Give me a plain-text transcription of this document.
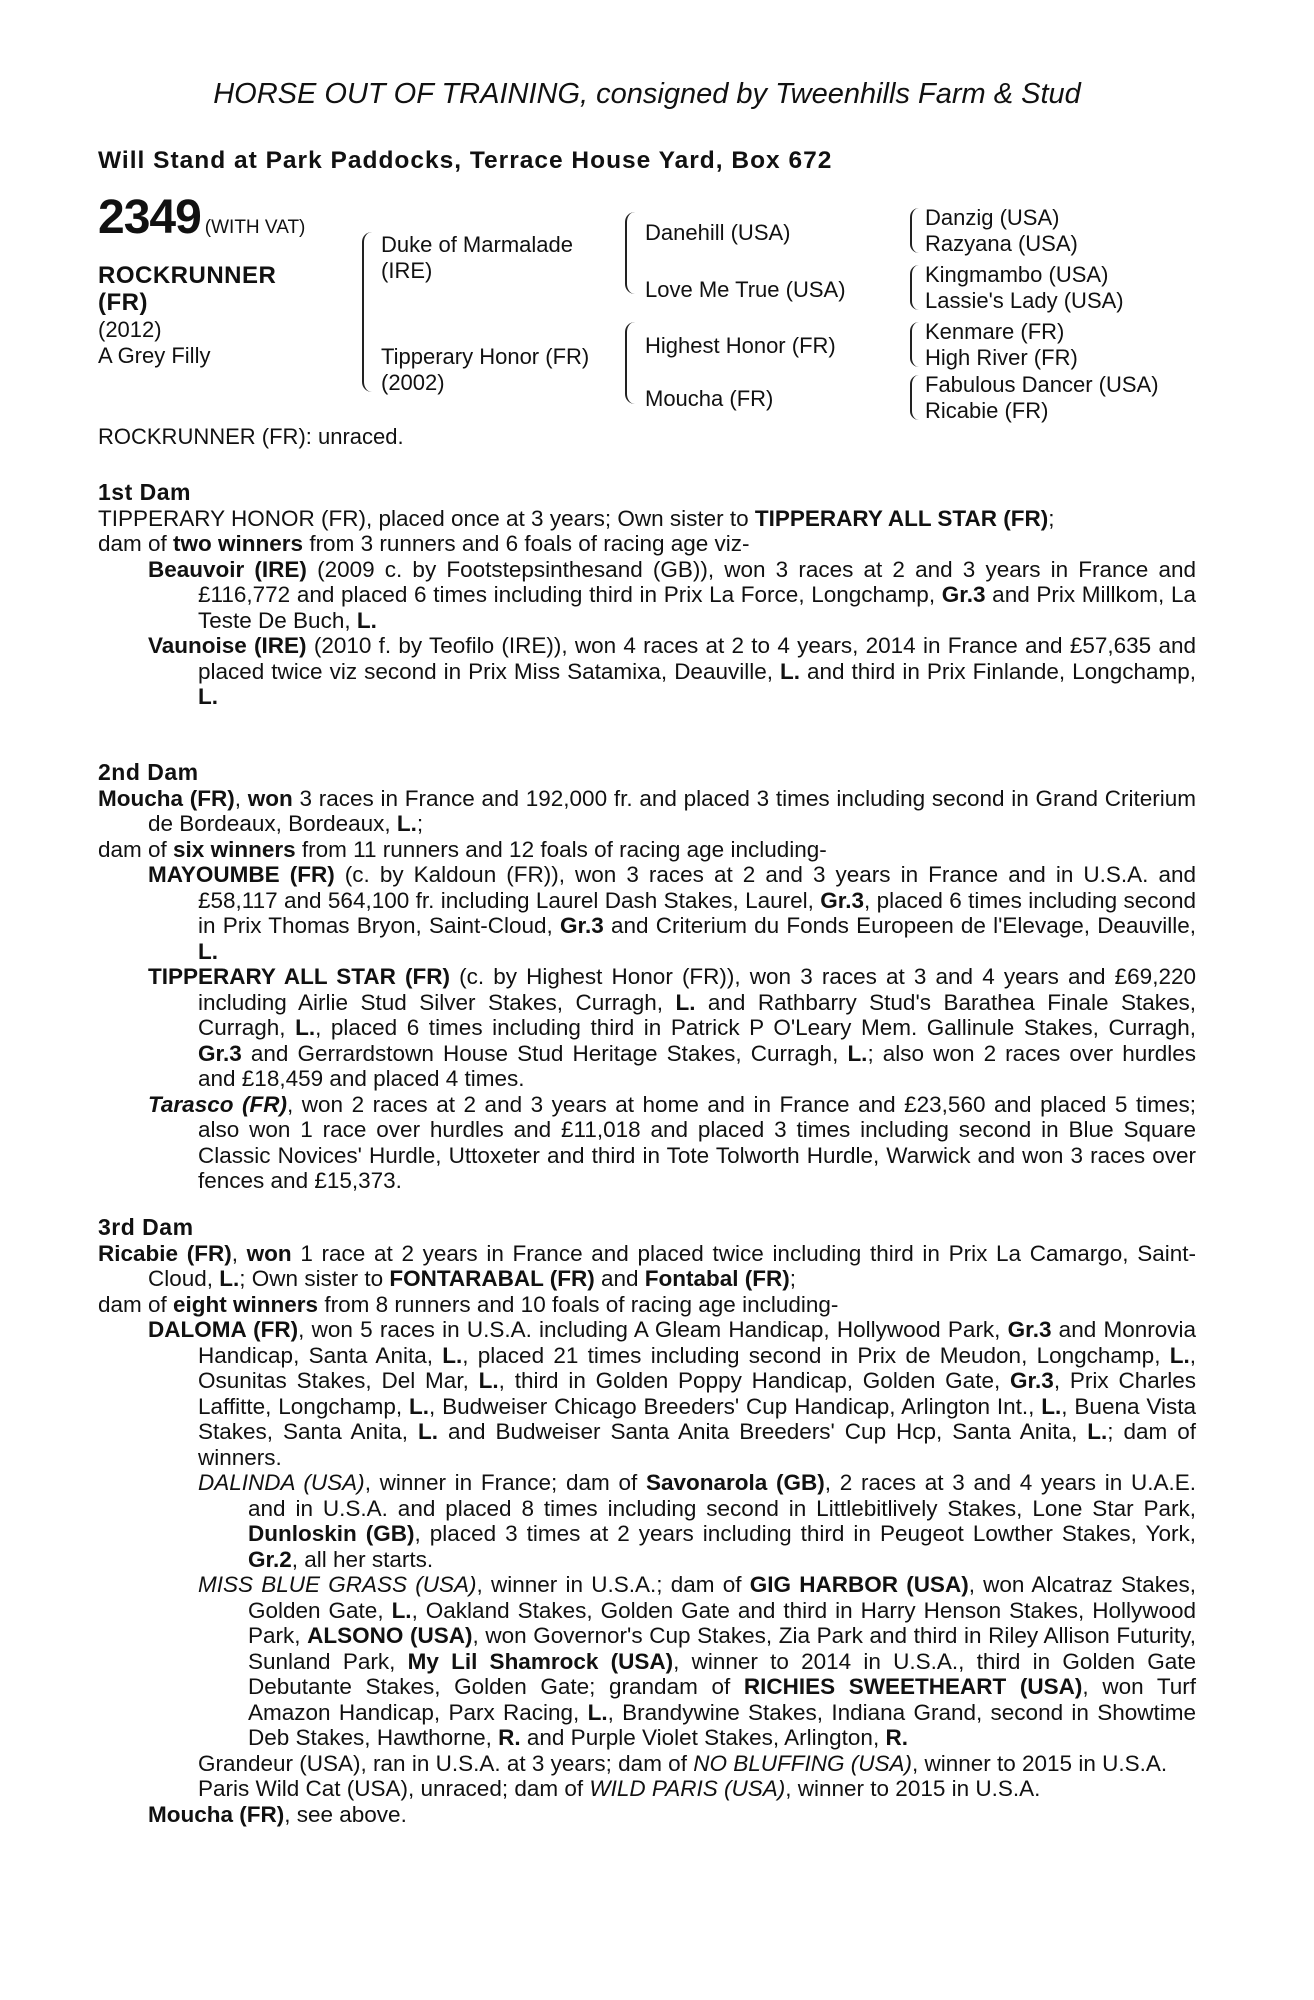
HORSE OUT OF TRAINING, consigned by Tweenhills Farm & Stud
Will Stand at Park Paddocks, Terrace House Yard, Box 672
2349 (WITH VAT)
ROCKRUNNER
(FR)
(2012)
A Grey Filly
Duke of Marmalade
(IRE)
Tipperary Honor (FR)
(2002)
Danehill (USA)
Love Me True (USA)
Highest Honor (FR)
Moucha (FR)
Danzig (USA)
Razyana (USA)
Kingmambo (USA)
Lassie's Lady (USA)
Kenmare (FR)
High River (FR)
Fabulous Dancer (USA)
Ricabie (FR)
ROCKRUNNER (FR): unraced.
1st Dam

TIPPERARY HONOR (FR), placed once at 3 years; Own sister to TIPPERARY ALL STAR (FR);

dam of two winners from 3 runners and 6 foals of racing age viz-

Beauvoir (IRE) (2009 c. by Footstepsinthesand (GB)), won 3 races at 2 and 3 years in France and £116,772 and placed 6 times including third in Prix La Force, Longchamp, Gr.3 and Prix Millkom, La Teste De Buch, L.

Vaunoise (IRE) (2010 f. by Teofilo (IRE)), won 4 races at 2 to 4 years, 2014 in France and £57,635 and placed twice viz second in Prix Miss Satamixa, Deauville, L. and third in Prix Finlande, Longchamp, L.

2nd Dam

Moucha (FR), won 3 races in France and 192,000 fr. and placed 3 times including second in Grand Criterium de Bordeaux, Bordeaux, L.;

dam of six winners from 11 runners and 12 foals of racing age including-

MAYOUMBE (FR) (c. by Kaldoun (FR)), won 3 races at 2 and 3 years in France and in U.S.A. and £58,117 and 564,100 fr. including Laurel Dash Stakes, Laurel, Gr.3, placed 6 times including second in Prix Thomas Bryon, Saint-Cloud, Gr.3 and Criterium du Fonds Europeen de l'Elevage, Deauville, L.

TIPPERARY ALL STAR (FR) (c. by Highest Honor (FR)), won 3 races at 3 and 4 years and £69,220 including Airlie Stud Silver Stakes, Curragh, L. and Rathbarry Stud's Barathea Finale Stakes, Curragh, L., placed 6 times including third in Patrick P O'Leary Mem. Gallinule Stakes, Curragh, Gr.3 and Gerrardstown House Stud Heritage Stakes, Curragh, L.; also won 2 races over hurdles and £18,459 and placed 4 times.

Tarasco (FR), won 2 races at 2 and 3 years at home and in France and £23,560 and placed 5 times; also won 1 race over hurdles and £11,018 and placed 3 times including second in Blue Square Classic Novices' Hurdle, Uttoxeter and third in Tote Tolworth Hurdle, Warwick and won 3 races over fences and £15,373.

3rd Dam

Ricabie (FR), won 1 race at 2 years in France and placed twice including third in Prix La Camargo, Saint-Cloud, L.; Own sister to FONTARABAL (FR) and Fontabal (FR);

dam of eight winners from 8 runners and 10 foals of racing age including-

DALOMA (FR), won 5 races in U.S.A. including A Gleam Handicap, Hollywood Park, Gr.3 and Monrovia Handicap, Santa Anita, L., placed 21 times including second in Prix de Meudon, Longchamp, L., Osunitas Stakes, Del Mar, L., third in Golden Poppy Handicap, Golden Gate, Gr.3, Prix Charles Laffitte, Longchamp, L., Budweiser Chicago Breeders' Cup Handicap, Arlington Int., L., Buena Vista Stakes, Santa Anita, L. and Budweiser Santa Anita Breeders' Cup Hcp, Santa Anita, L.; dam of winners.

DALINDA (USA), winner in France; dam of Savonarola (GB), 2 races at 3 and 4 years in U.A.E. and in U.S.A. and placed 8 times including second in Littlebitlively Stakes, Lone Star Park, Dunloskin (GB), placed 3 times at 2 years including third in Peugeot Lowther Stakes, York, Gr.2, all her starts.

MISS BLUE GRASS (USA), winner in U.S.A.; dam of GIG HARBOR (USA), won Alcatraz Stakes, Golden Gate, L., Oakland Stakes, Golden Gate and third in Harry Henson Stakes, Hollywood Park, ALSONO (USA), won Governor's Cup Stakes, Zia Park and third in Riley Allison Futurity, Sunland Park, My Lil Shamrock (USA), winner to 2014 in U.S.A., third in Golden Gate Debutante Stakes, Golden Gate; grandam of RICHIES SWEETHEART (USA), won Turf Amazon Handicap, Parx Racing, L., Brandywine Stakes, Indiana Grand, second in Showtime Deb Stakes, Hawthorne, R. and Purple Violet Stakes, Arlington, R.

Grandeur (USA), ran in U.S.A. at 3 years; dam of NO BLUFFING (USA), winner to 2015 in U.S.A.

Paris Wild Cat (USA), unraced; dam of WILD PARIS (USA), winner to 2015 in U.S.A.

Moucha (FR), see above.
